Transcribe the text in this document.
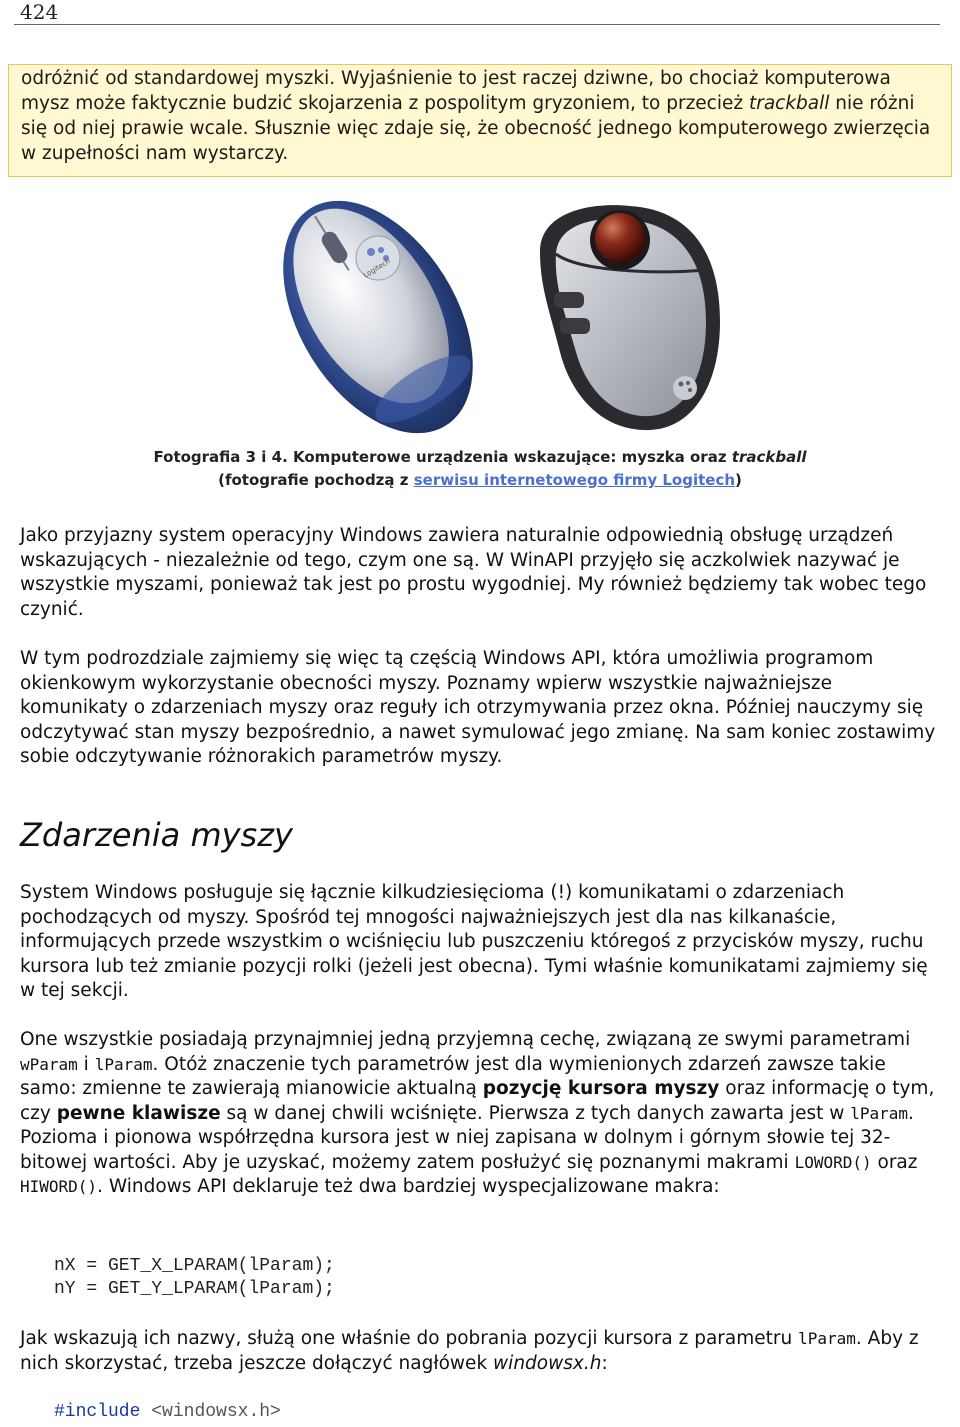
424
odróżnić od standardowej myszki. Wyjaśnienie to jest raczej dziwne, bo chociaż komputerowa mysz może faktycznie budzić skojarzenia z pospolitym gryzoniem, to przecież trackball nie różni się od niej prawie wcale. Słusznie więc zdaje się, że obecność jednego komputerowego zwierzęcia w zupełności nam wystarczy.
Logitech
Fotografia 3 i 4. Komputerowe urządzenia wskazujące: myszka oraz trackball
(fotografie pochodzą z serwisu internetowego firmy Logitech)
Jako przyjazny system operacyjny Windows zawiera naturalnie odpowiednią obsługę urządzeń wskazujących - niezależnie od tego, czym one są. W WinAPI przyjęło się aczkolwiek nazywać je wszystkie myszami, ponieważ tak jest po prostu wygodniej. My również będziemy tak wobec tego czynić.
W tym podrozdziale zajmiemy się więc tą częścią Windows API, która umożliwia programom okienkowym wykorzystanie obecności myszy. Poznamy wpierw wszystkie najważniejsze komunikaty o zdarzeniach myszy oraz reguły ich otrzymywania przez okna. Później nauczymy się odczytywać stan myszy bezpośrednio, a nawet symulować jego zmianę. Na sam koniec zostawimy sobie odczytywanie różnorakich parametrów myszy.
Zdarzenia myszy
System Windows posługuje się łącznie kilkudziesięcioma (!) komunikatami o zdarzeniach pochodzących od myszy. Spośród tej mnogości najważniejszych jest dla nas kilkanaście, informujących przede wszystkim o wciśnięciu lub puszczeniu któregoś z przycisków myszy, ruchu kursora lub też zmianie pozycji rolki (jeżeli jest obecna). Tymi właśnie komunikatami zajmiemy się w tej sekcji.
One wszystkie posiadają przynajmniej jedną przyjemną cechę, związaną ze swymi parametrami wParam i lParam. Otóż znaczenie tych parametrów jest dla wymienionych zdarzeń zawsze takie samo: zmienne te zawierają mianowicie aktualną pozycję kursora myszy oraz informację o tym, czy pewne klawisze są w danej chwili wciśnięte. Pierwsza z tych danych zawarta jest w lParam. Pozioma i pionowa współrzędna kursora jest w niej zapisana w dolnym i górnym słowie tej 32-bitowej wartości. Aby je uzyskać, możemy zatem posłużyć się poznanymi makrami LOWORD() oraz HIWORD(). Windows API deklaruje też dwa bardziej wyspecjalizowane makra:
nX = GET_X_LPARAM(lParam);
nY = GET_Y_LPARAM(lParam);
Jak wskazują ich nazwy, służą one właśnie do pobrania pozycji kursora z parametru lParam. Aby z nich skorzystać, trzeba jeszcze dołączyć nagłówek windowsx.h:
#include <windowsx.h>
